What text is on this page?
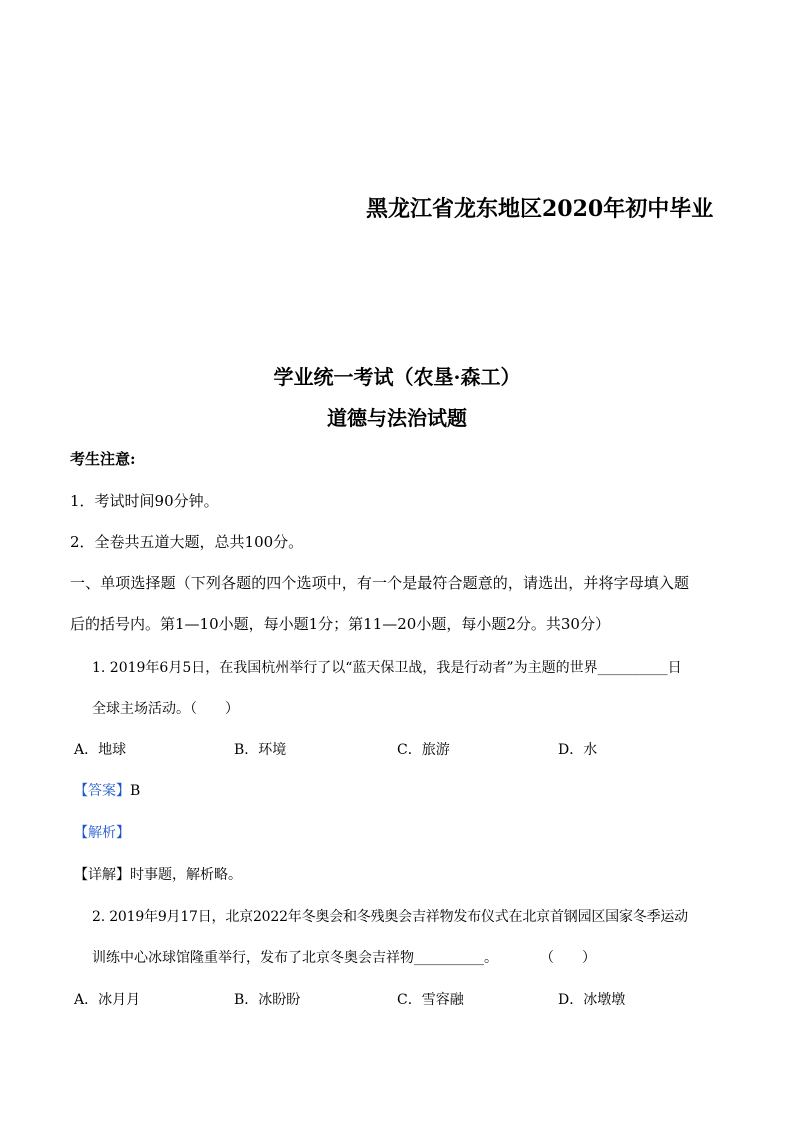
黑龙江省龙东地区2020年初中毕业
学业统一考试（农垦·森工）
道德与法治试题
考生注意:
1．考试时间90分钟。
2．全卷共五道大题，总共100分。
一、单项选择题（下列各题的四个选项中，有一个是最符合题意的，请选出，并将字母填入题
后的括号内。第1—10小题，每小题1分；第11—20小题，每小题2分。共30分）
1. 2019年6月5日，在我国杭州举行了以“蓝天保卫战，我是行动者”为主题的世界__________日
全球主场活动。（　　）
A．地球	B．环境	C．旅游	D．水
【答案】B
【解析】
【详解】时事题，解析略。
2. 2019年9月17日，北京2022年冬奥会和冬残奥会吉祥物发布仪式在北京首钢园区国家冬季运动
训练中心冰球馆隆重举行，发布了北京冬奥会吉祥物__________。　　　　（　　）
A．冰月月	B．冰盼盼	C．雪容融	D．冰墩墩
